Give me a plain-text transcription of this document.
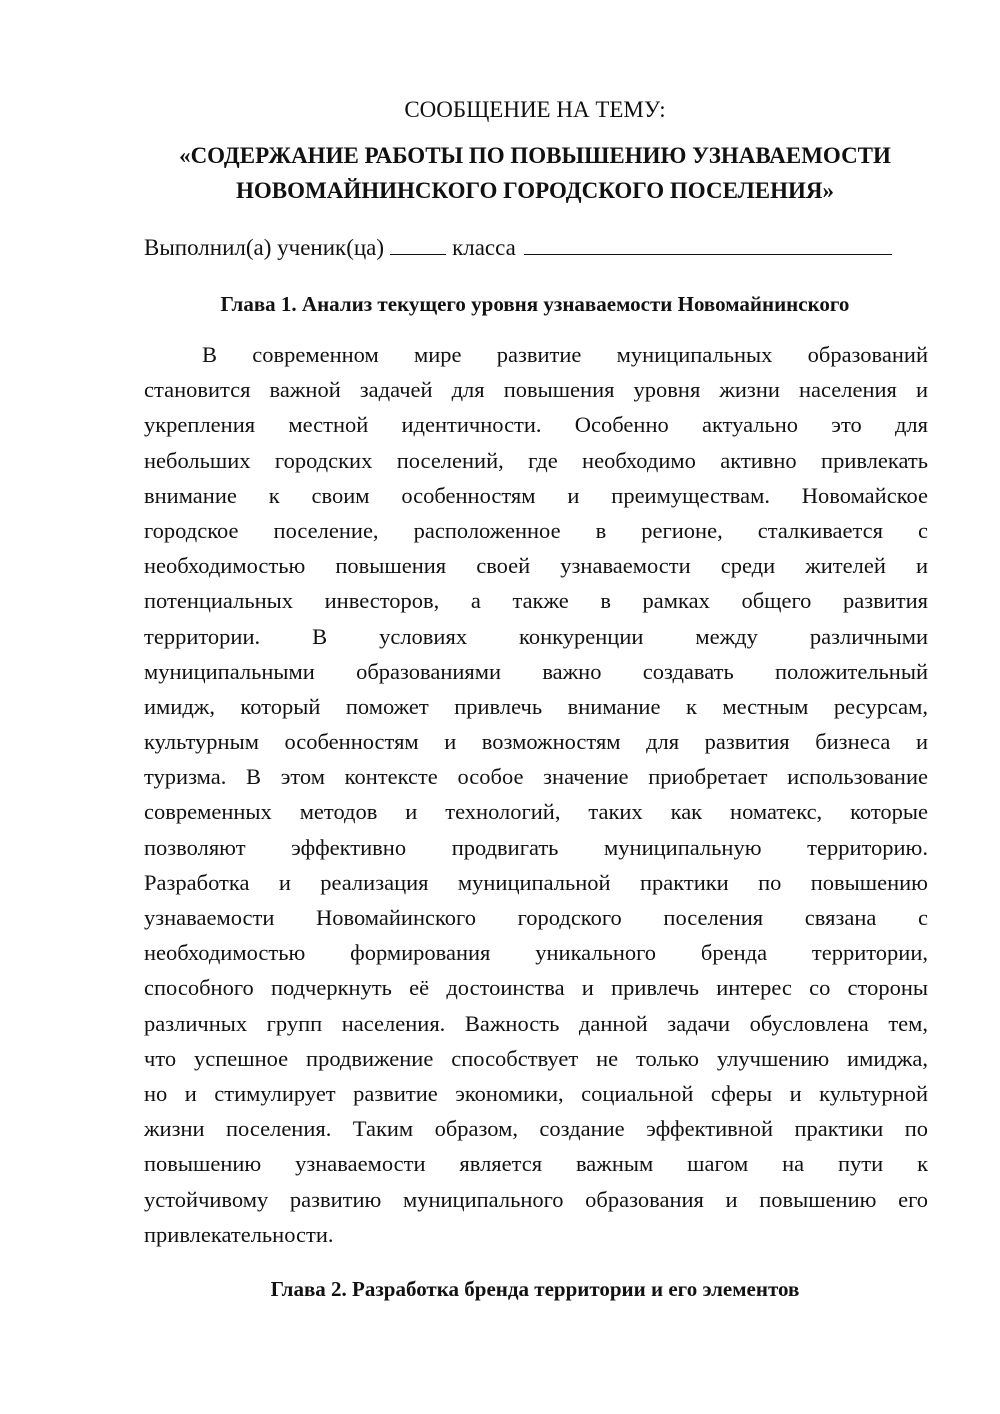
СООБЩЕНИЕ НА ТЕМУ:
«СОДЕРЖАНИЕ РАБОТЫ ПО ПОВЫШЕНИЮ УЗНАВАЕМОСТИ
НОВОМАЙНИНСКОГО ГОРОДСКОГО ПОСЕЛЕНИЯ»
Выполнил(а) ученик(ца)	класса
Глава 1. Анализ текущего уровня узнаваемости Новомайнинского
В современном мире развитие муниципальных образований
становится важной задачей для повышения уровня жизни населения и
укрепления местной идентичности. Особенно актуально это для
небольших городских поселений, где необходимо активно привлекать
внимание к своим особенностям и преимуществам. Новомайское
городское поселение, расположенное в регионе, сталкивается с
необходимостью повышения своей узнаваемости среди жителей и
потенциальных инвесторов, а также в рамках общего развития
территории. В условиях конкуренции между различными
муниципальными образованиями важно создавать положительный
имидж, который поможет привлечь внимание к местным ресурсам,
культурным особенностям и возможностям для развития бизнеса и
туризма. В этом контексте особое значение приобретает использование
современных методов и технологий, таких как номатекс, которые
позволяют эффективно продвигать муниципальную территорию.
Разработка и реализация муниципальной практики по повышению
узнаваемости Новомайинского городского поселения связана с
необходимостью формирования уникального бренда территории,
способного подчеркнуть её достоинства и привлечь интерес со стороны
различных групп населения. Важность данной задачи обусловлена тем,
что успешное продвижение способствует не только улучшению имиджа,
но и стимулирует развитие экономики, социальной сферы и культурной
жизни поселения. Таким образом, создание эффективной практики по
повышению узнаваемости является важным шагом на пути к
устойчивому развитию муниципального образования и повышению его
привлекательности.
Глава 2. Разработка бренда территории и его элементов
